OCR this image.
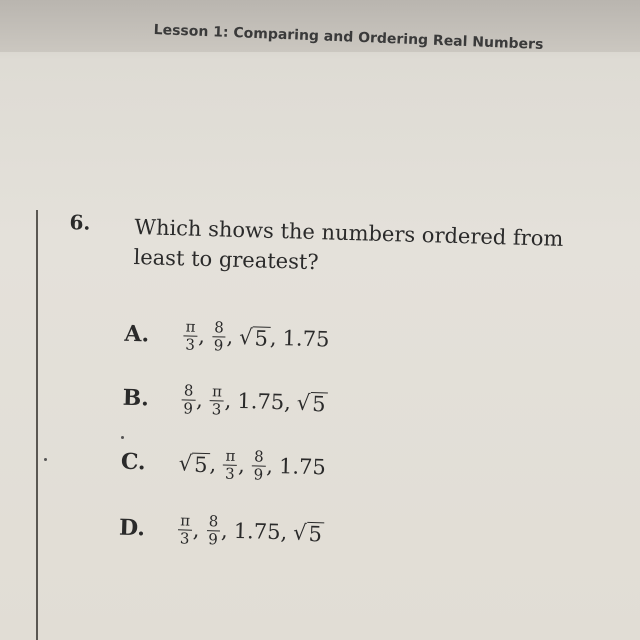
Lesson 1: Comparing and Ordering Real Numbers
6. Which shows the numbers ordered from
least to greatest?
A.	$\frac{\pi}{3}$ , $\frac{8}{9}$ , √ 5 , 1.75
B.	$\frac{8}{9}$ , $\frac{\pi}{3}$ , 1.75 , √ 5
C.	√ 5 , $\frac{\pi}{3}$ , $\frac{8}{9}$ , 1.75
D.	$\frac{\pi}{3}$ , $\frac{8}{9}$ , 1.75 , √ 5
